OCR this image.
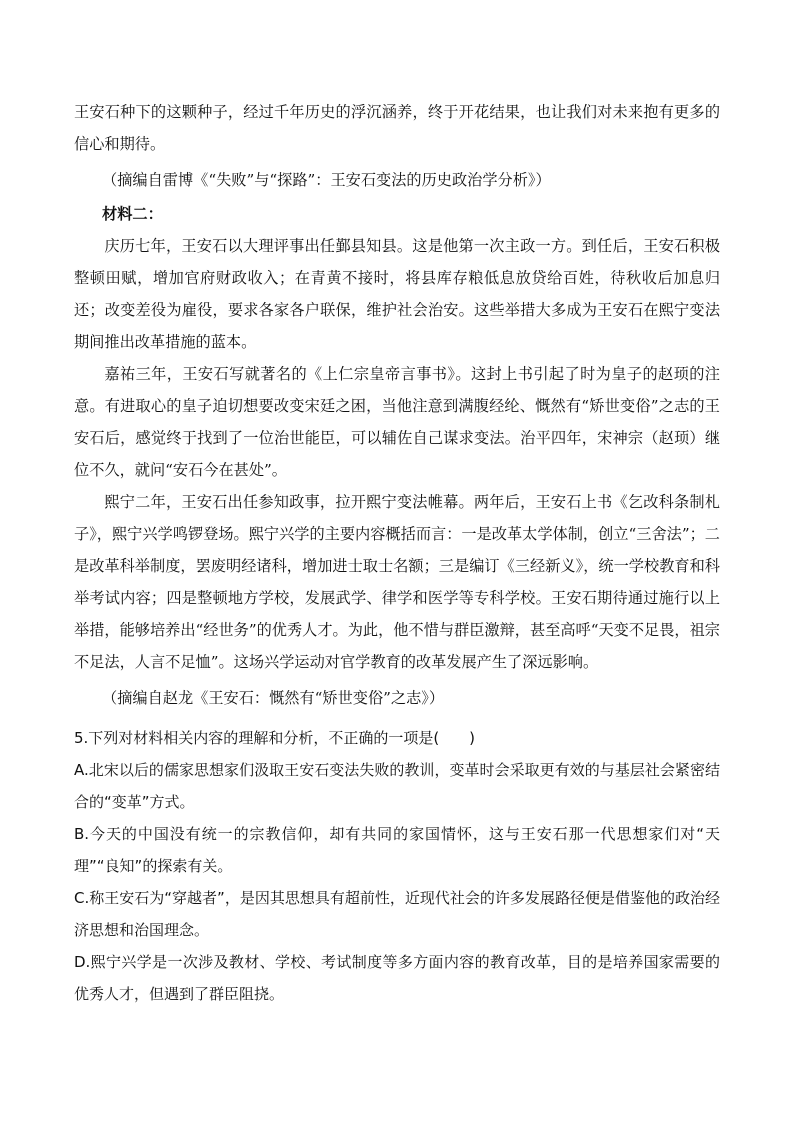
王安石种下的这颗种子，经过千年历史的浮沉涵养，终于开花结果，也让我们对未来抱有更多的信心和期待。

（摘编自雷博《“失败”与“探路”：王安石变法的历史政治学分析》）

材料二：

庆历七年，王安石以大理评事出任鄞县知县。这是他第一次主政一方。到任后，王安石积极整顿田赋，增加官府财政收入；在青黄不接时，将县库存粮低息放贷给百姓，待秋收后加息归还；改变差役为雇役，要求各家各户联保，维护社会治安。这些举措大多成为王安石在熙宁变法期间推出改革措施的蓝本。

嘉祐三年，王安石写就著名的《上仁宗皇帝言事书》。这封上书引起了时为皇子的赵顼的注意。有进取心的皇子迫切想要改变宋廷之困，当他注意到满腹经纶、慨然有“矫世变俗”之志的王安石后，感觉终于找到了一位治世能臣，可以辅佐自己谋求变法。治平四年，宋神宗（赵顼）继位不久，就问“安石今在甚处”。

熙宁二年，王安石出任参知政事，拉开熙宁变法帷幕。两年后，王安石上书《乞改科条制札子》，熙宁兴学鸣锣登场。熙宁兴学的主要内容概括而言：一是改革太学体制，创立“三舍法”；二是改革科举制度，罢废明经诸科，增加进士取士名额；三是编订《三经新义》，统一学校教育和科举考试内容；四是整顿地方学校，发展武学、律学和医学等专科学校。王安石期待通过施行以上举措，能够培养出“经世务”的优秀人才。为此，他不惜与群臣激辩，甚至高呼“天变不足畏，祖宗不足法，人言不足恤”。这场兴学运动对官学教育的改革发展产生了深远影响。

（摘编自赵龙《王安石：慨然有“矫世变俗”之志》）

5.下列对材料相关内容的理解和分析，不正确的一项是(　　)

A.北宋以后的儒家思想家们汲取王安石变法失败的教训，变革时会采取更有效的与基层社会紧密结合的“变革”方式。

B.今天的中国没有统一的宗教信仰，却有共同的家国情怀，这与王安石那一代思想家们对“天理”“良知”的探索有关。

C.称王安石为“穿越者”，是因其思想具有超前性，近现代社会的许多发展路径便是借鉴他的政治经济思想和治国理念。

D.熙宁兴学是一次涉及教材、学校、考试制度等多方面内容的教育改革，目的是培养国家需要的优秀人才，但遇到了群臣阻挠。
